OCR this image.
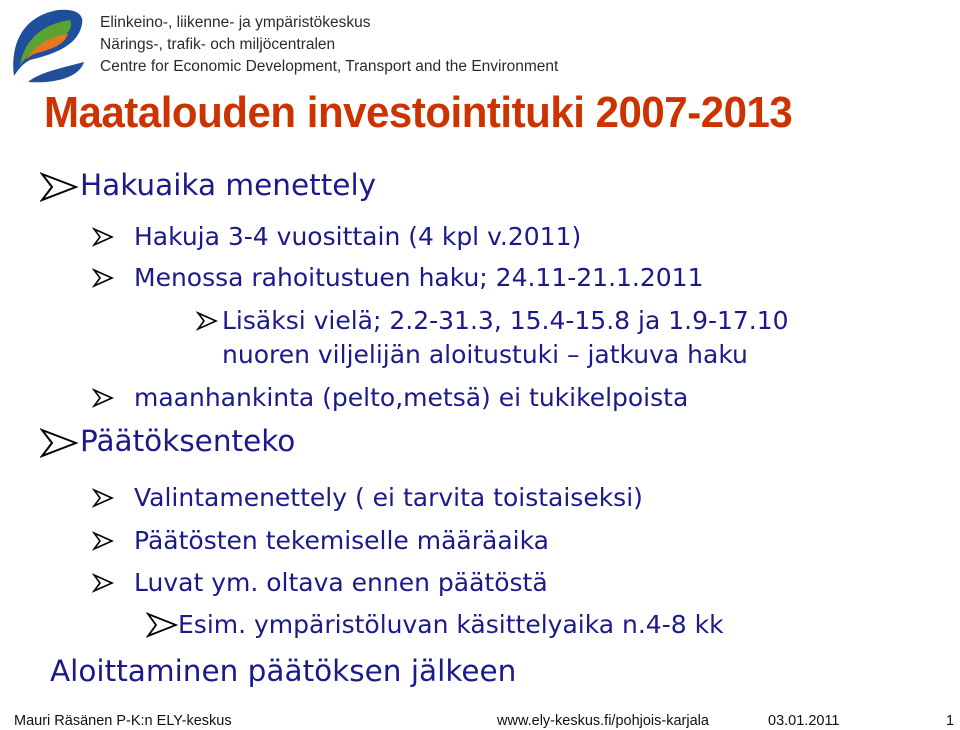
Elinkeino-, liikenne- ja ympäristökeskus
Närings-, trafik- och miljöcentralen
Centre for Economic Development, Transport and the Environment
Maatalouden investointituki 2007-2013
Hakuaika menettely
Hakuja 3-4 vuosittain (4 kpl v.2011)
Menossa rahoitustuen haku; 24.11-21.1.2011
Lisäksi vielä; 2.2-31.3, 15.4-15.8 ja 1.9-17.10
nuoren viljelijän aloitustuki – jatkuva haku
maanhankinta (pelto,metsä) ei tukikelpoista
Päätöksenteko
Valintamenettely ( ei tarvita toistaiseksi)
Päätösten tekemiselle määräaika
Luvat ym. oltava ennen päätöstä
Esim. ympäristöluvan käsittelyaika n.4-8 kk
Aloittaminen päätöksen jälkeen
Mauri Räsänen P-K:n ELY-keskus	www.ely-keskus.fi/pohjois-karjala	03.01.2011	1
